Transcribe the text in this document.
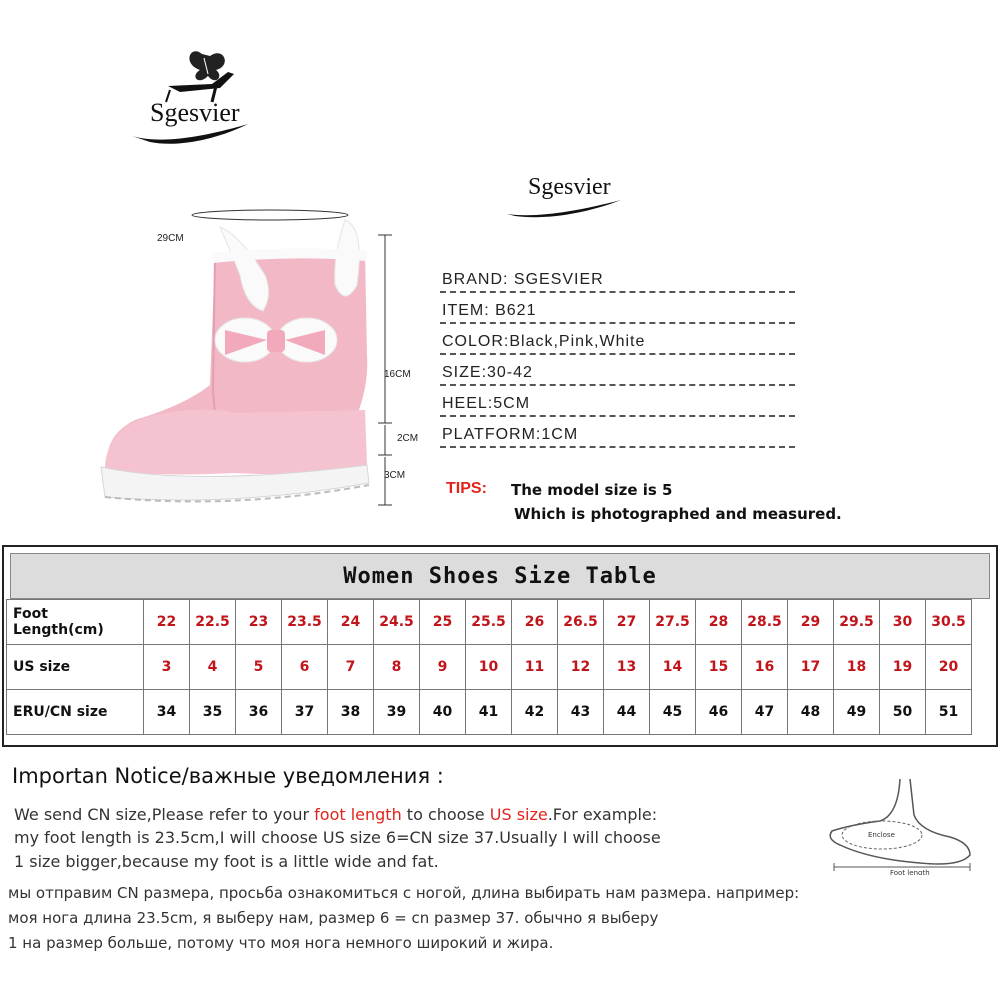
Sgesvier
Sgesvier
29CM
16CM
2CM
3CM
BRAND: SGESVIER
ITEM: B621
COLOR:Black,Pink,White
SIZE:30-42
HEEL:5CM
PLATFORM:1CM
TIPS: The model size is 5
Which is photographed and measured.
Women Shoes Size Table
Foot Length(cm)	22	22.5	23	23.5	24	24.5	25	25.5	26	26.5	27	27.5	28	28.5	29	29.5	30	30.5
US size	3	4	5	6	7	8	9	10	11	12	13	14	15	16	17	18	19	20
ERU/CN size	34	35	36	37	38	39	40	41	42	43	44	45	46	47	48	49	50	51
Importan Notice/важные уведомления :
We send CN size,Please refer to your foot length to choose US size.For example:
my foot length is 23.5cm,I will choose US size 6=CN size 37.Usually I will choose
1 size bigger,because my foot is a little wide and fat.
мы отправим CN размера, просьба ознакомиться с ногой, длина выбирать нам размера. например:
моя нога длина 23.5cm, я выберу нам, размер 6 = cn размер 37. обычно я выберу
1 на размер больше, потому что моя нога немного широкий и жира.
Enclose
Foot length
